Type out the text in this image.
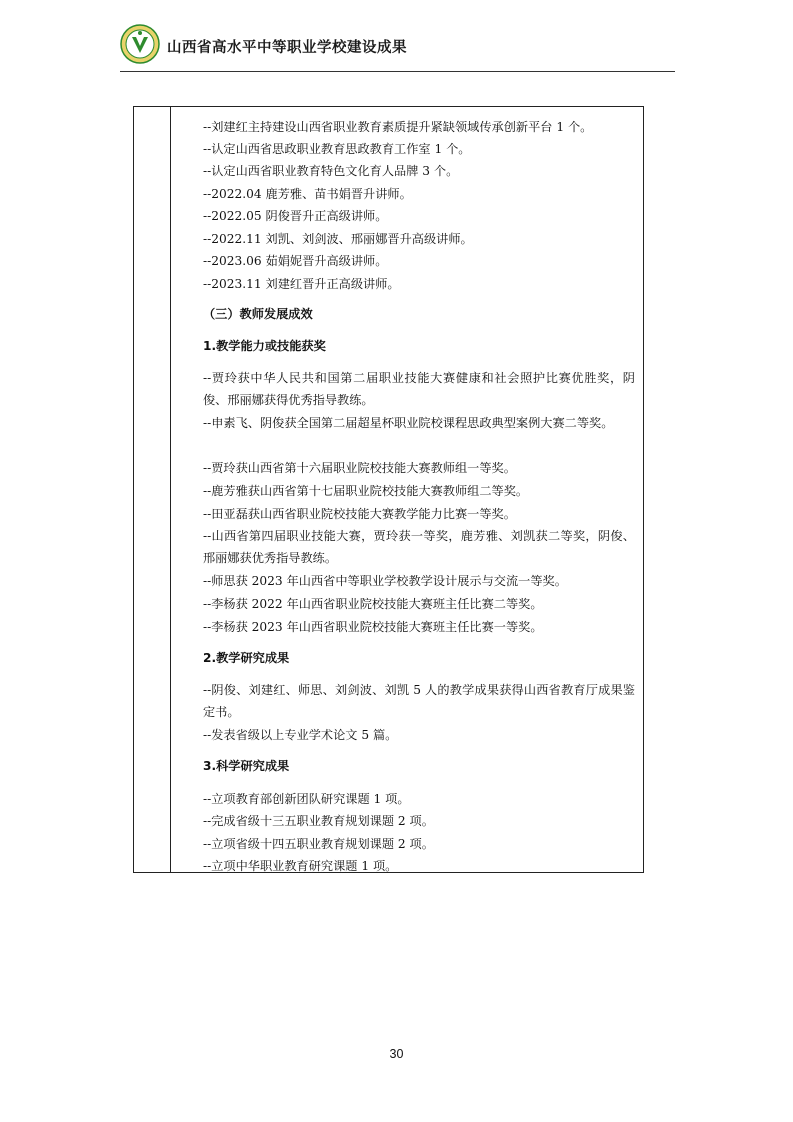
山西省高水平中等职业学校建设成果
--刘建红主持建设山西省职业教育素质提升紧缺领域传承创新平台 1 个。
--认定山西省思政职业教育思政教育工作室 1 个。
--认定山西省职业教育特色文化育人品牌 3 个。
--2022.04 鹿芳雅、苗书娟晋升讲师。
--2022.05 阴俊晋升正高级讲师。
--2022.11 刘凯、刘剑波、邢丽娜晋升高级讲师。
--2023.06 茹娟妮晋升高级讲师。
--2023.11 刘建红晋升正高级讲师。
（三）教师发展成效
1.教学能力或技能获奖
--贾玲获中华人民共和国第二届职业技能大赛健康和社会照护比赛优胜奖，阴俊、邢丽娜获得优秀指导教练。
--申素飞、阴俊获全国第二届超星杯职业院校课程思政典型案例大赛二等奖。
--贾玲获山西省第十六届职业院校技能大赛教师组一等奖。
--鹿芳雅获山西省第十七届职业院校技能大赛教师组二等奖。
--田亚磊获山西省职业院校技能大赛教学能力比赛一等奖。
--山西省第四届职业技能大赛，贾玲获一等奖，鹿芳雅、刘凯获二等奖，阴俊、邢丽娜获优秀指导教练。
--师思获 2023 年山西省中等职业学校教学设计展示与交流一等奖。
--李杨获 2022 年山西省职业院校技能大赛班主任比赛二等奖。
--李杨获 2023 年山西省职业院校技能大赛班主任比赛一等奖。
2.教学研究成果
--阴俊、刘建红、师思、刘剑波、刘凯 5 人的教学成果获得山西省教育厅成果鉴定书。
--发表省级以上专业学术论文 5 篇。
3.科学研究成果
--立项教育部创新团队研究课题 1 项。
--完成省级十三五职业教育规划课题 2 项。
--立项省级十四五职业教育规划课题 2 项。
--立项中华职业教育研究课题 1 项。
30
